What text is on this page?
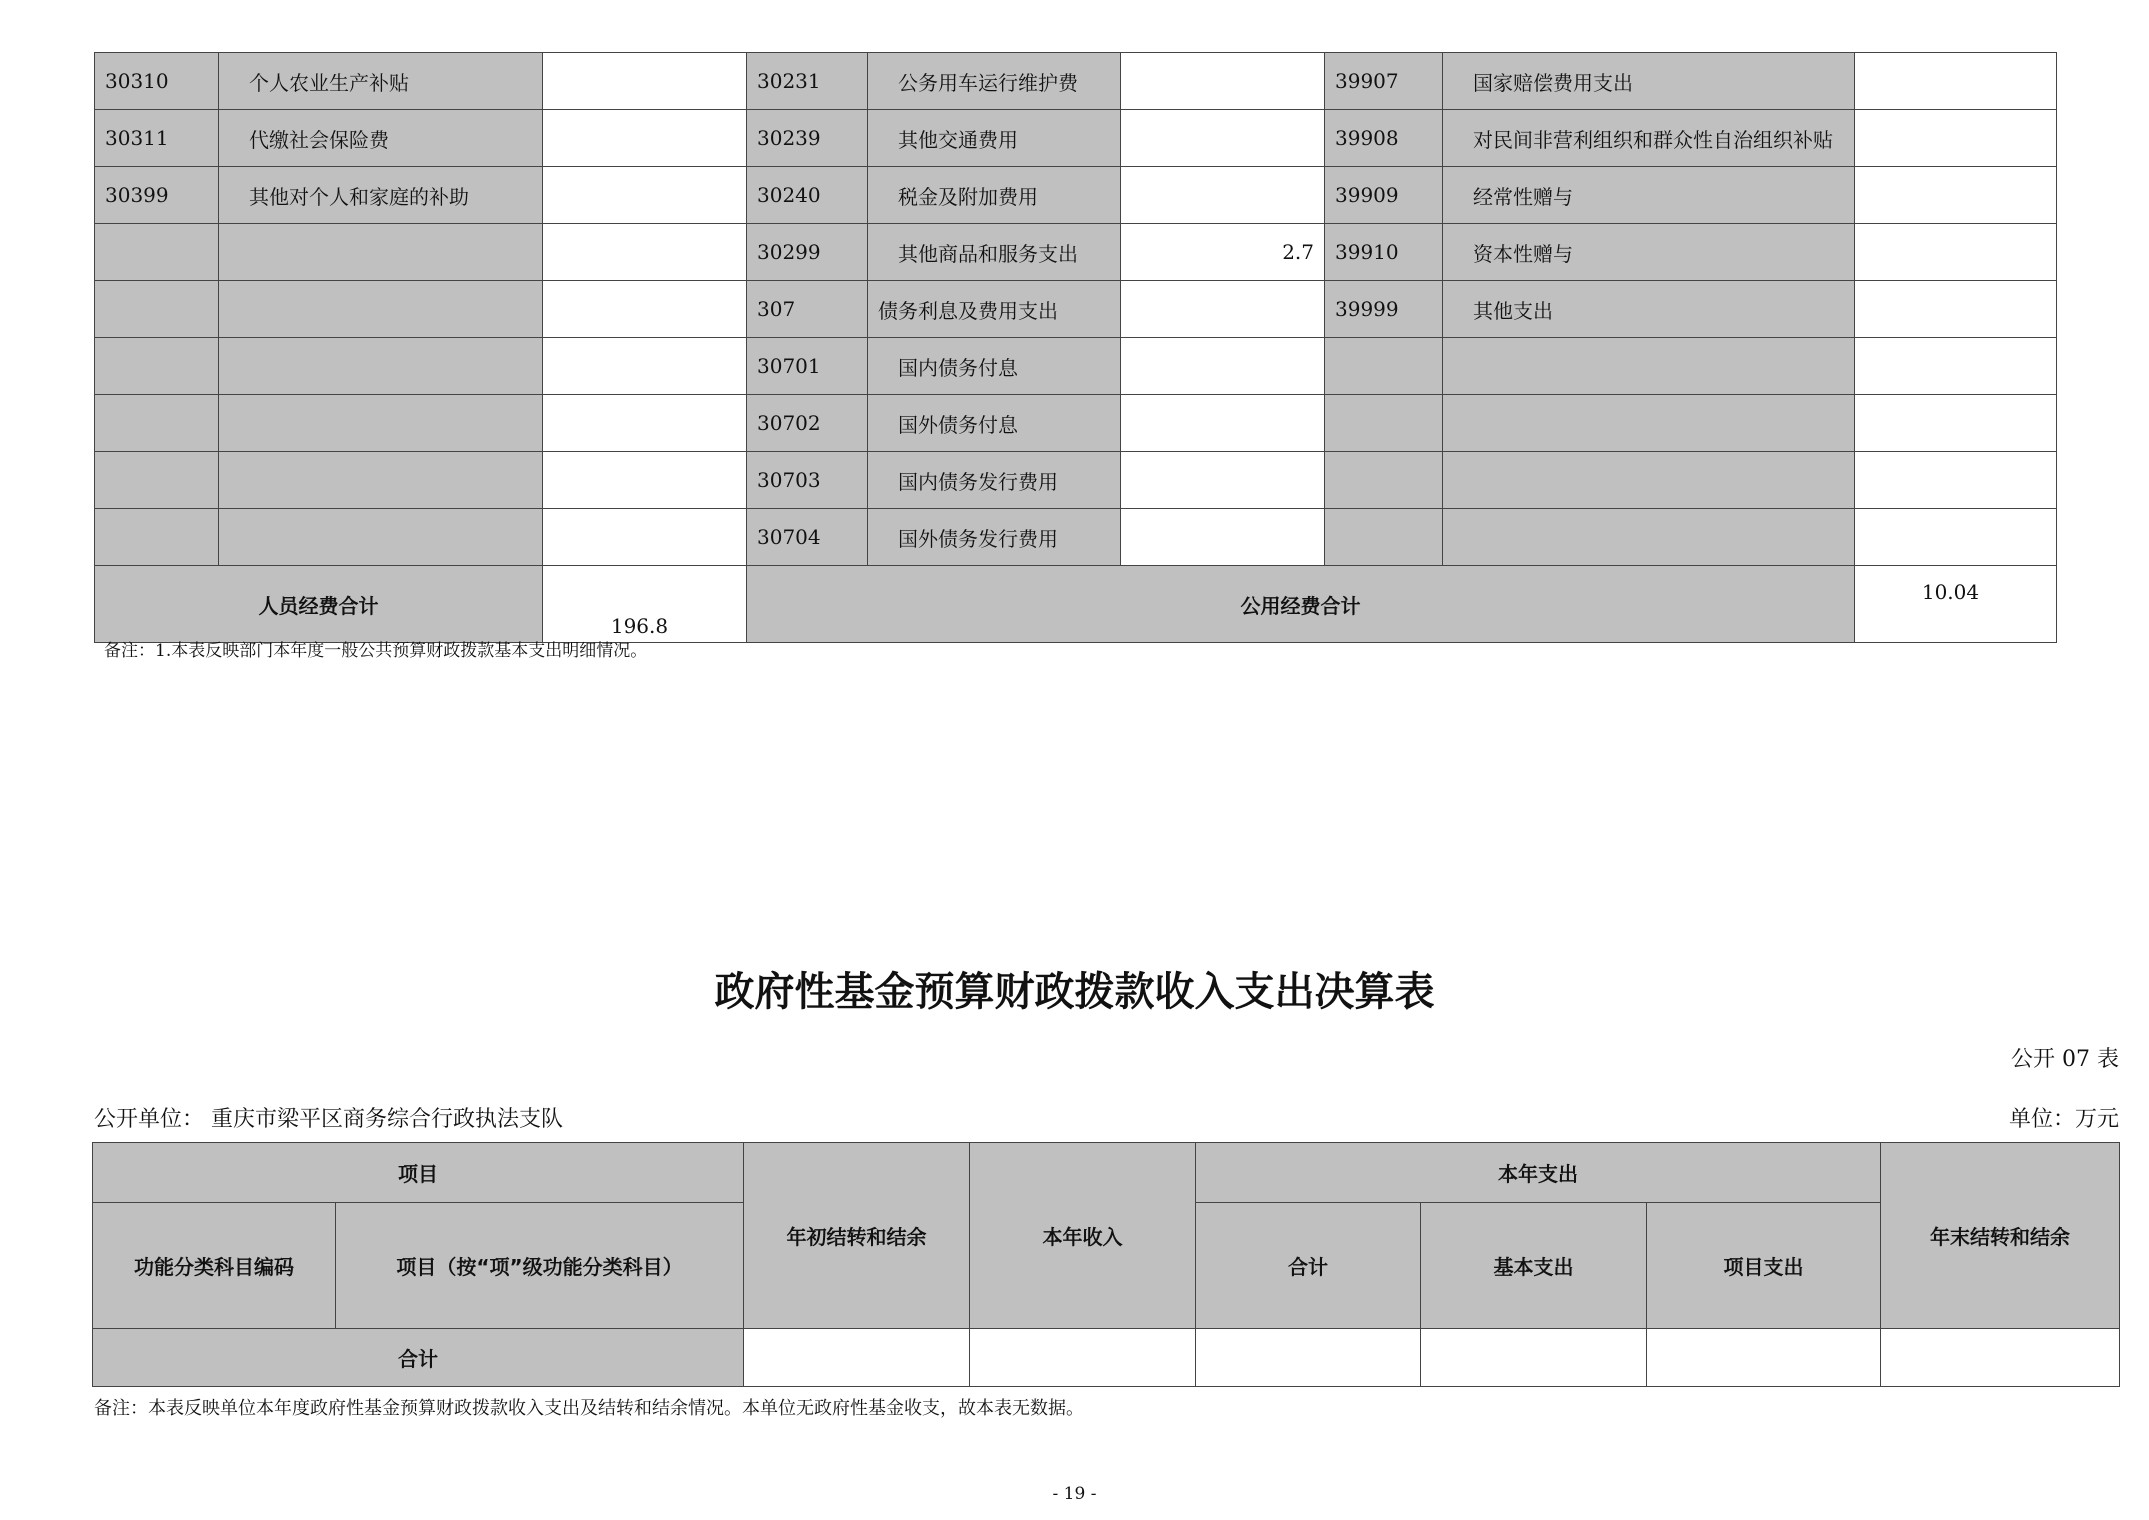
30310	个人农业生产补贴		30231	公务用车运行维护费		39907	国家赔偿费用支出	
30311	代缴社会保险费		30239	其他交通费用		39908	对民间非营利组织和群众性自治组织补贴	
30399	其他对个人和家庭的补助		30240	税金及附加费用		39909	经常性赠与	
			30299	其他商品和服务支出	2.7	39910	资本性赠与	
			307	债务利息及费用支出		39999	其他支出	
			30701	国内债务付息				
			30702	国外债务付息				
			30703	国内债务发行费用				
			30704	国外债务发行费用				
人员经费合计		196.8	公用经费合计					10.04
备注：1.本表反映部门本年度一般公共预算财政拨款基本支出明细情况。
政府性基金预算财政拨款收入支出决算表
公开 07 表
公开单位： 重庆市梁平区商务综合行政执法支队	单位：万元
项目		年初结转和结余	本年收入	本年支出			年末结转和结余
功能分类科目编码	项目（按“项”级功能分类科目）			合计	基本支出	项目支出	
合计							
备注：本表反映单位本年度政府性基金预算财政拨款收入支出及结转和结余情况。本单位无政府性基金收支，故本表无数据。
- 19 -
